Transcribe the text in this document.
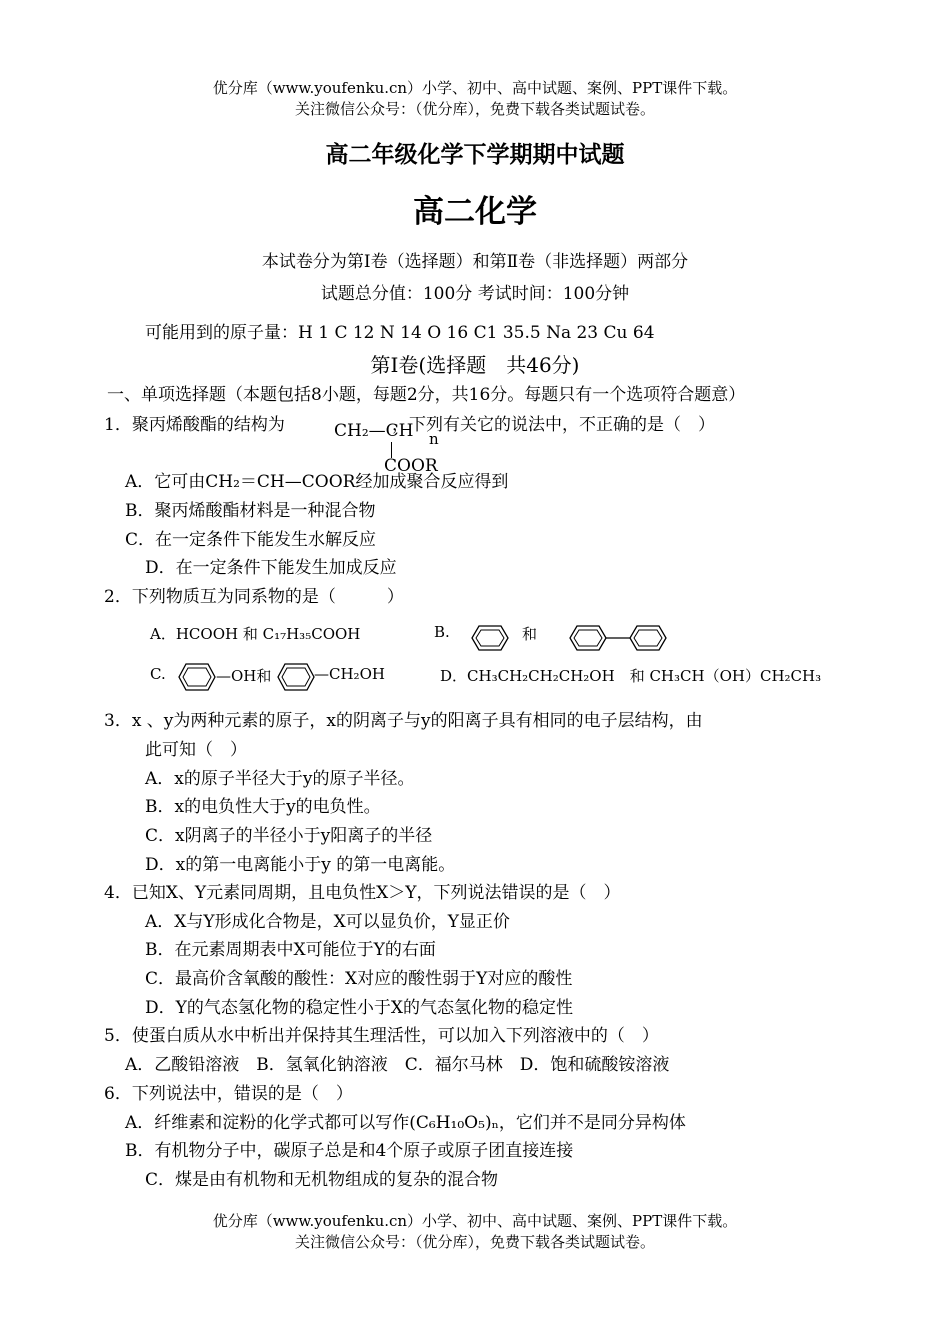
优分库（www.youfenku.cn）小学、初中、高中试题、案例、PPT课件下载。
关注微信公众号：（优分库），免费下载各类试题试卷。
高二年级化学下学期期中试题
高二化学
本试卷分为第Ⅰ卷（选择题）和第Ⅱ卷（非选择题）两部分
试题总分值：100分 考试时间：100分钟
可能用到的原子量：H 1 C 12 N 14 O 16 C1 35.5 Na 23 Cu 64
第Ⅰ卷(选择题　共46分)
一、单项选择题（本题包括8小题，每题2分，共16分。每题只有一个选项符合题意）
1．聚丙烯酸酯的结构为	CH₂—CH n
COOR
，下列有关它的说法中，不正确的是（　）
A．它可由CH₂＝CH—COOR经加成聚合反应得到
B．聚丙烯酸酯材料是一种混合物
C．在一定条件下能发生水解反应
D．在一定条件下能发生加成反应
2．下列物质互为同系物的是（　　　）
A．HCOOH 和 C₁₇H₃₅COOH	B.	和
C.	—OH和	—CH₂OH	D．CH₃CH₂CH₂CH₂OH　和 CH₃CH（OH）CH₂CH₃
3．x 、y为两种元素的原子，x的阴离子与y的阳离子具有相同的电子层结构，由
此可知（　）
A．x的原子半径大于y的原子半径。
B．x的电负性大于y的电负性。
C．x阴离子的半径小于y阳离子的半径
D．x的第一电离能小于y 的第一电离能。
4．已知X、Y元素同周期，且电负性X＞Y，下列说法错误的是（　）
A．X与Y形成化合物是，X可以显负价，Y显正价
B．在元素周期表中X可能位于Y的右面
C．最高价含氧酸的酸性：X对应的酸性弱于Y对应的酸性
D．Y的气态氢化物的稳定性小于X的气态氢化物的稳定性
5．使蛋白质从水中析出并保持其生理活性，可以加入下列溶液中的（　）
A．乙酸铅溶液　B．氢氧化钠溶液　C．福尔马林　D．饱和硫酸铵溶液
6．下列说法中，错误的是（　）
A．纤维素和淀粉的化学式都可以写作(C₆H₁₀O₅)ₙ，它们并不是同分异构体
B．有机物分子中，碳原子总是和4个原子或原子团直接连接
C．煤是由有机物和无机物组成的复杂的混合物
优分库（www.youfenku.cn）小学、初中、高中试题、案例、PPT课件下载。
关注微信公众号：（优分库），免费下载各类试题试卷。
